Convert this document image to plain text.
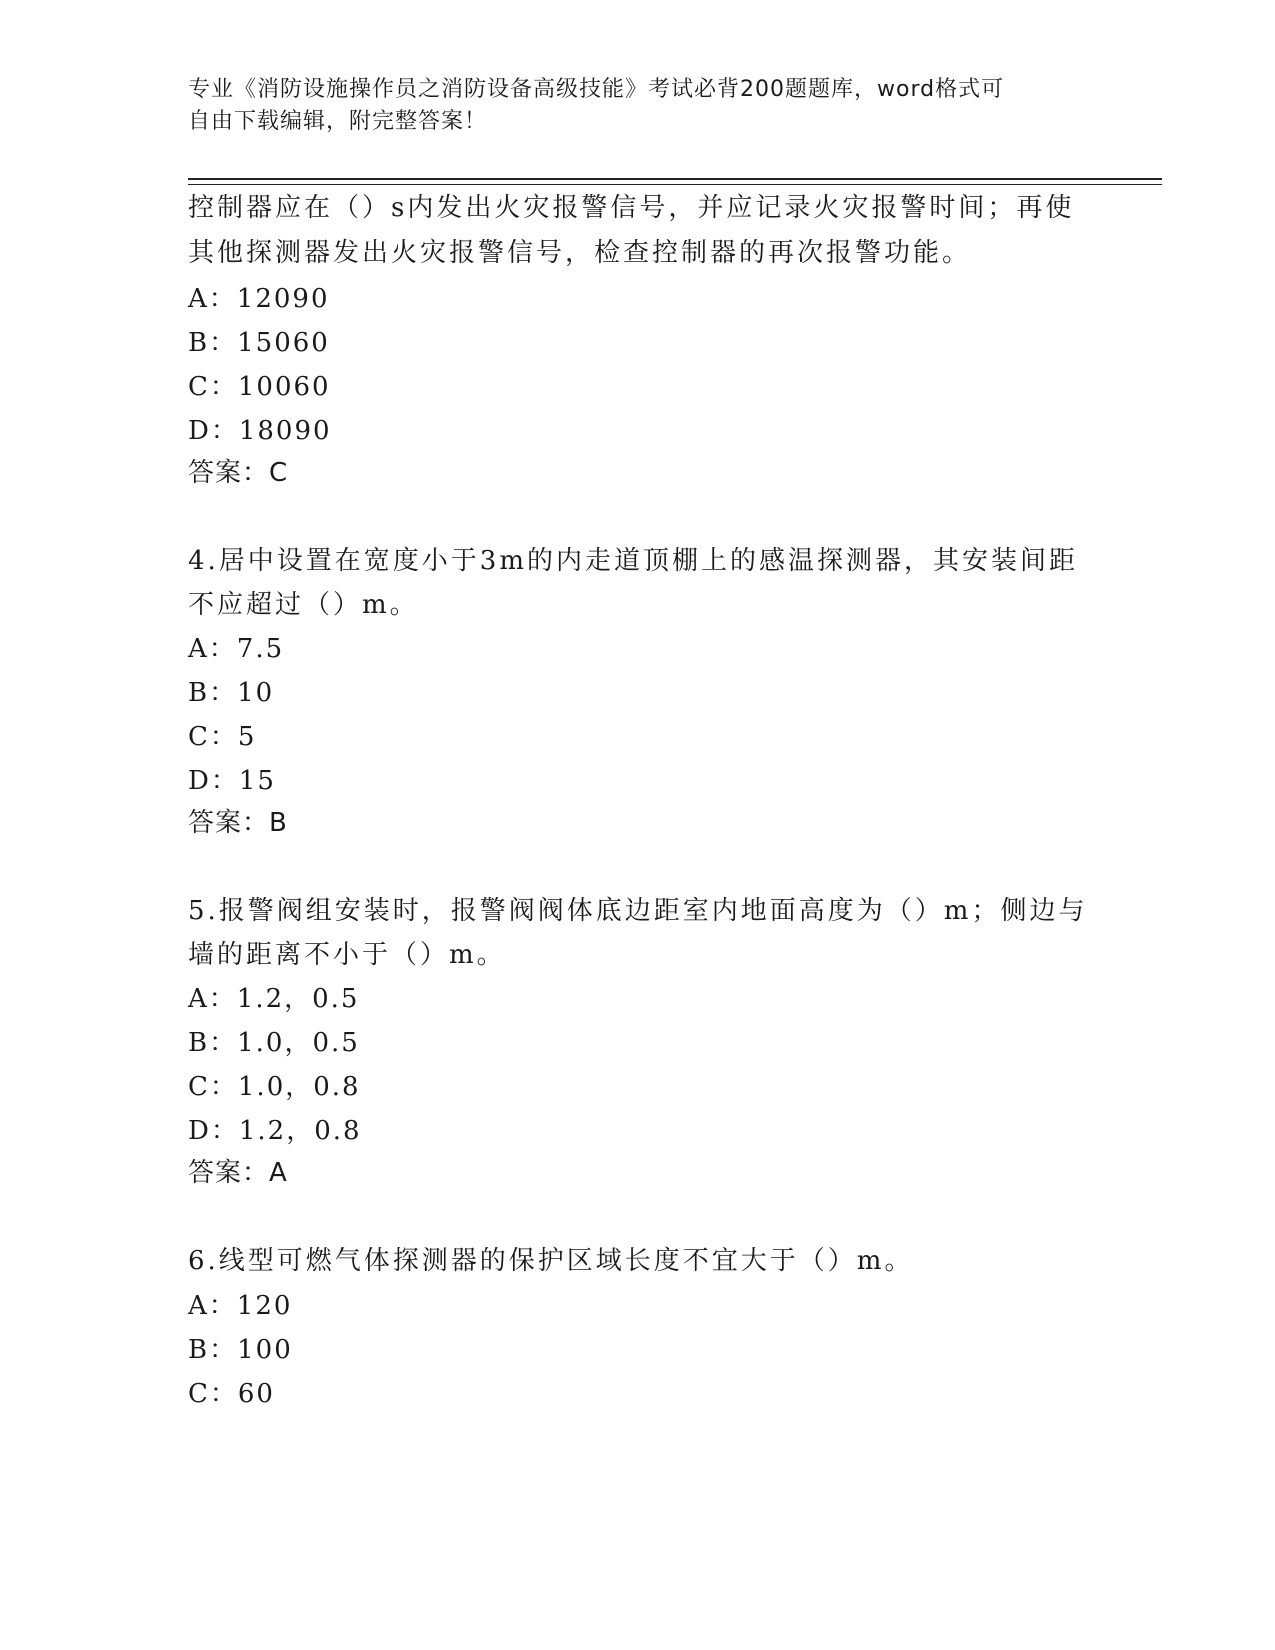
专业《消防设施操作员之消防设备高级技能》考试必背200题题库，word格式可
自由下载编辑，附完整答案！
控制器应在（）s内发出火灾报警信号，并应记录火灾报警时间；再使
其他探测器发出火灾报警信号，检查控制器的再次报警功能。
A：12090
B：15060
C：10060
D：18090
答案：C
4.居中设置在宽度小于3m的内走道顶棚上的感温探测器，其安装间距
不应超过（）m。
A：7.5
B：10
C：5
D：15
答案：B
5.报警阀组安装时，报警阀阀体底边距室内地面高度为（）m；侧边与
墙的距离不小于（）m。
A：1.2，0.5
B：1.0，0.5
C：1.0，0.8
D：1.2，0.8
答案：A
6.线型可燃气体探测器的保护区域长度不宜大于（）m。
A：120
B：100
C：60
